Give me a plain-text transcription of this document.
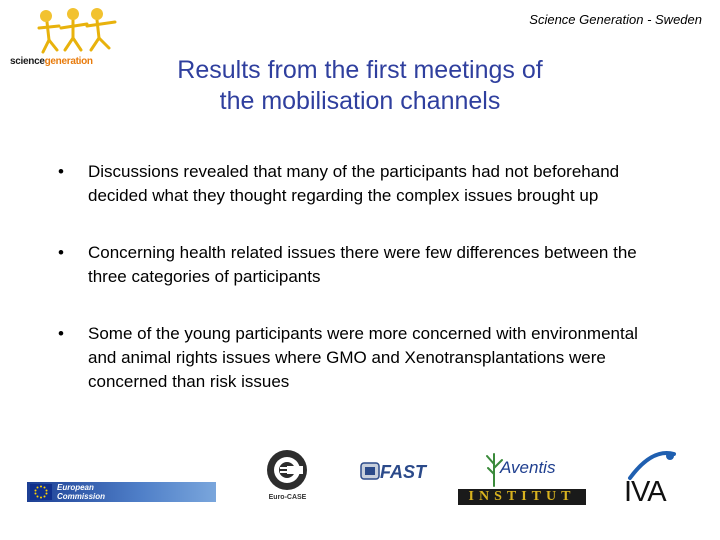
Science Generation - Sweden
sciencegeneration	Results from the first meetings of
the mobilisation channels
• Discussions revealed that many of the participants had not beforehand decided what they thought regarding the complex issues brought up
• Concerning health related issues there were few differences between the three categories of participants
• Some of the young participants were more concerned with environmental and animal rights issues where GMO and Xenotransplantations were concerned than risk issues
European
Commission	Euro-CASE
FAST	Aventis
INSTITUT	IVA
